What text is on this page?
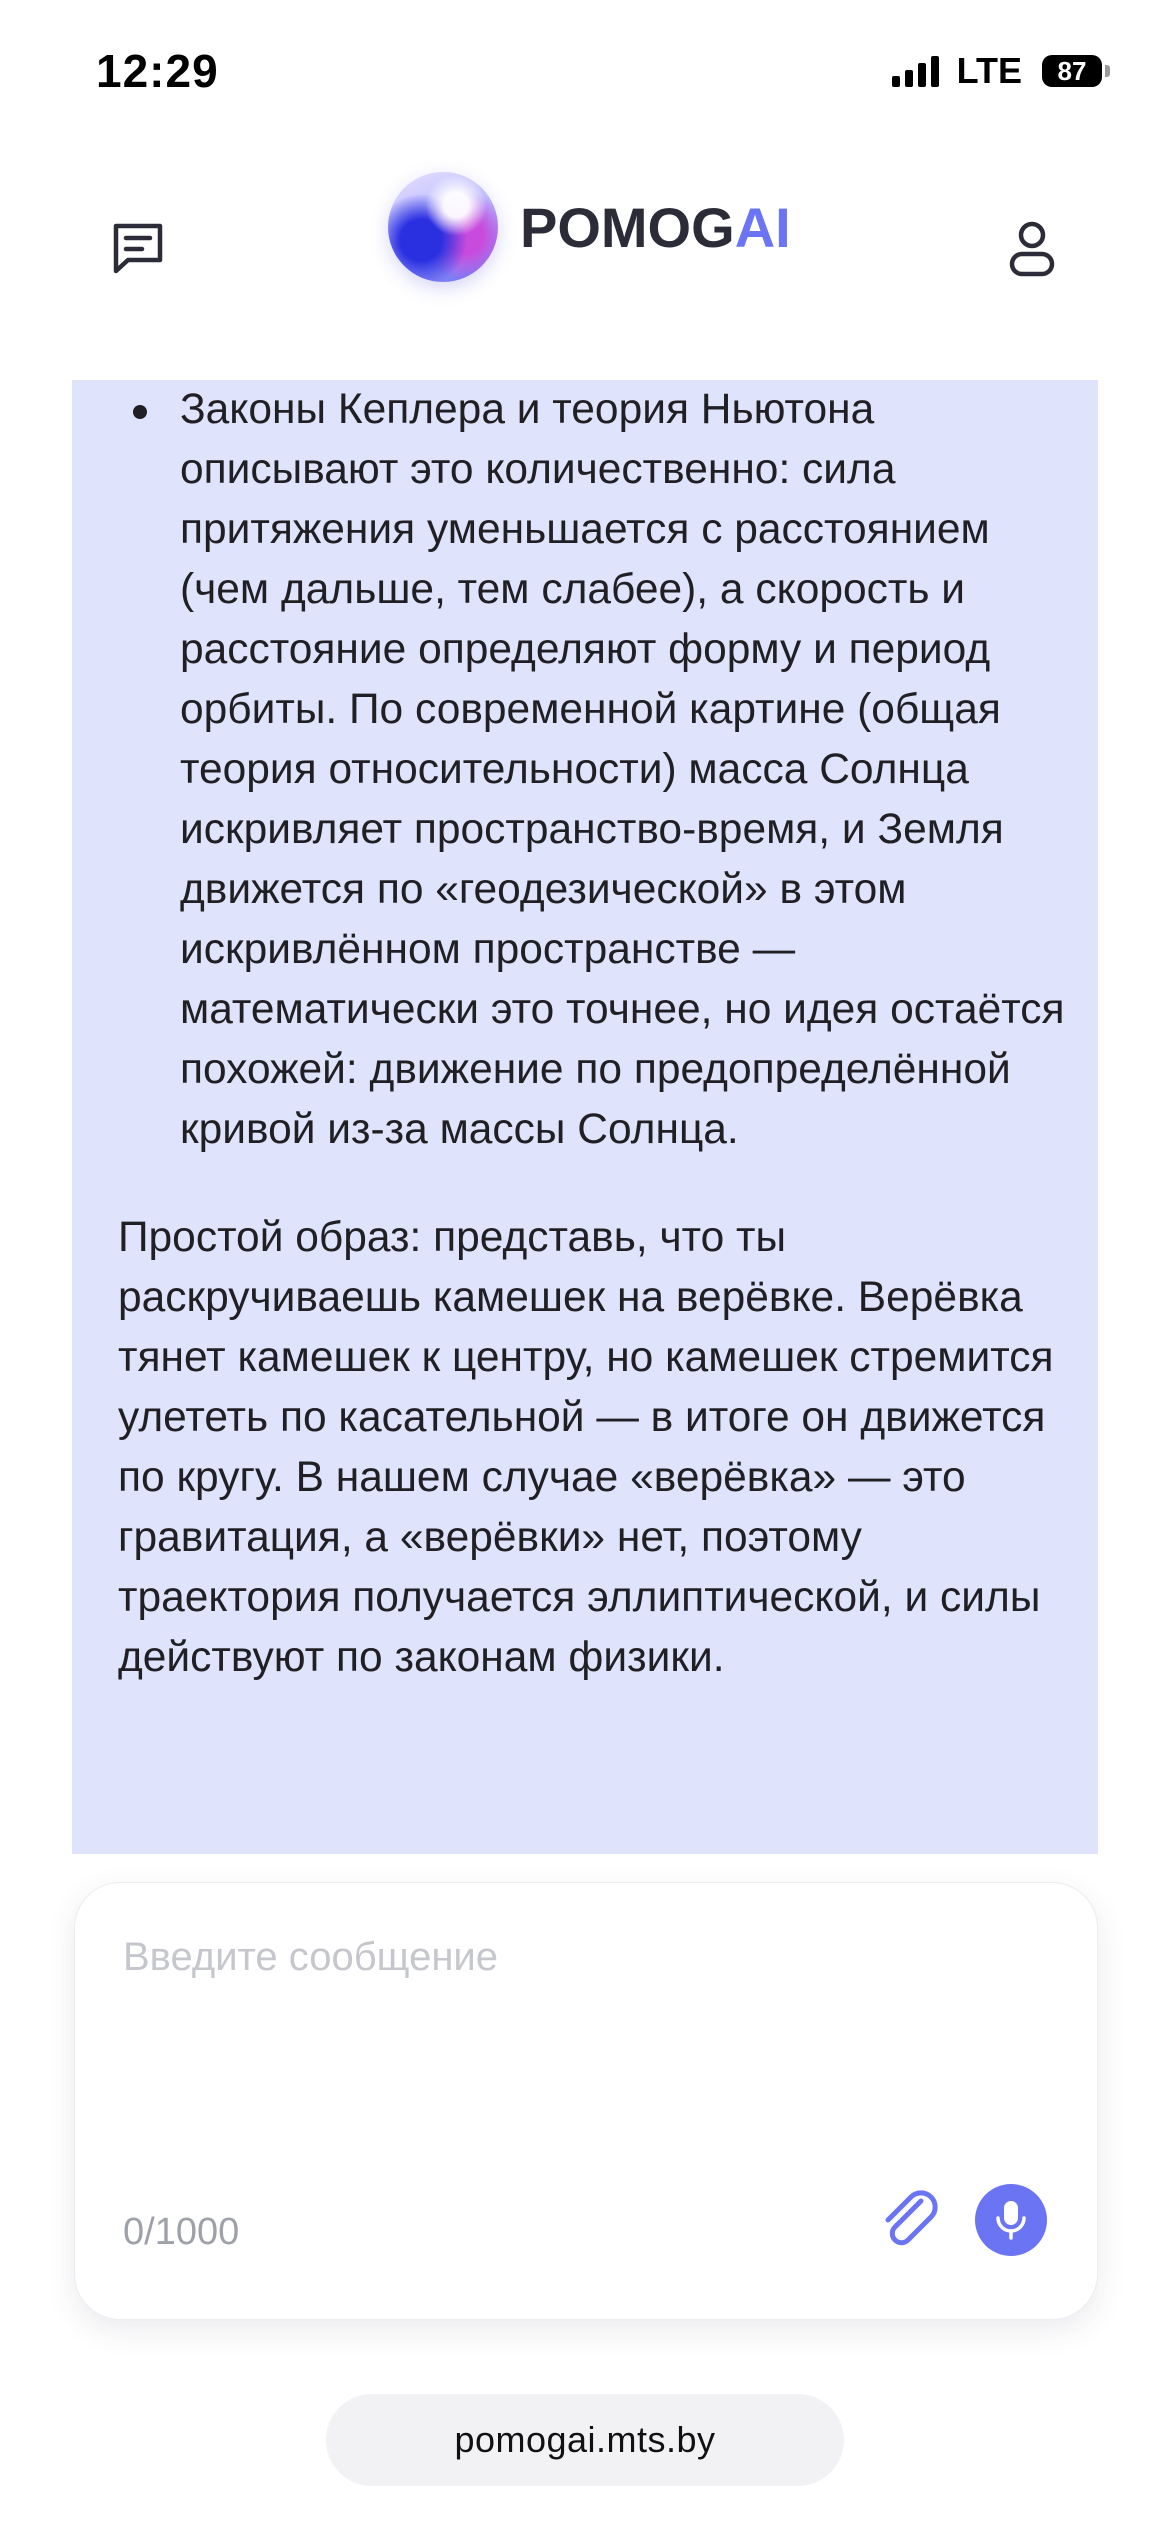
12:29	LTE	87
POMOGAI
Законы Кеплера и теория Ньютона описывают это количественно: сила притяжения уменьшается с расстоянием (чем дальше, тем слабее), а скорость и расстояние определяют форму и период орбиты. По современной картине (общая теория относительности) масса Солнца искривляет пространство-время, и Земля движется по «геодезической» в этом искривлённом пространстве — математически это точнее, но идея остаётся похожей: движение по предопределённой кривой из-за массы Солнца.
Простой образ: представь, что ты раскручиваешь камешек на верёвке. Верёвка тянет камешек к центру, но камешек стремится улететь по касательной — в итоге он движется по кругу. В нашем случае «верёвка» — это гравитация, а «верёвки» нет, поэтому траектория получается эллиптической, и силы действуют по законам физики.
Введите сообщение
0/1000
pomogai.mts.by
